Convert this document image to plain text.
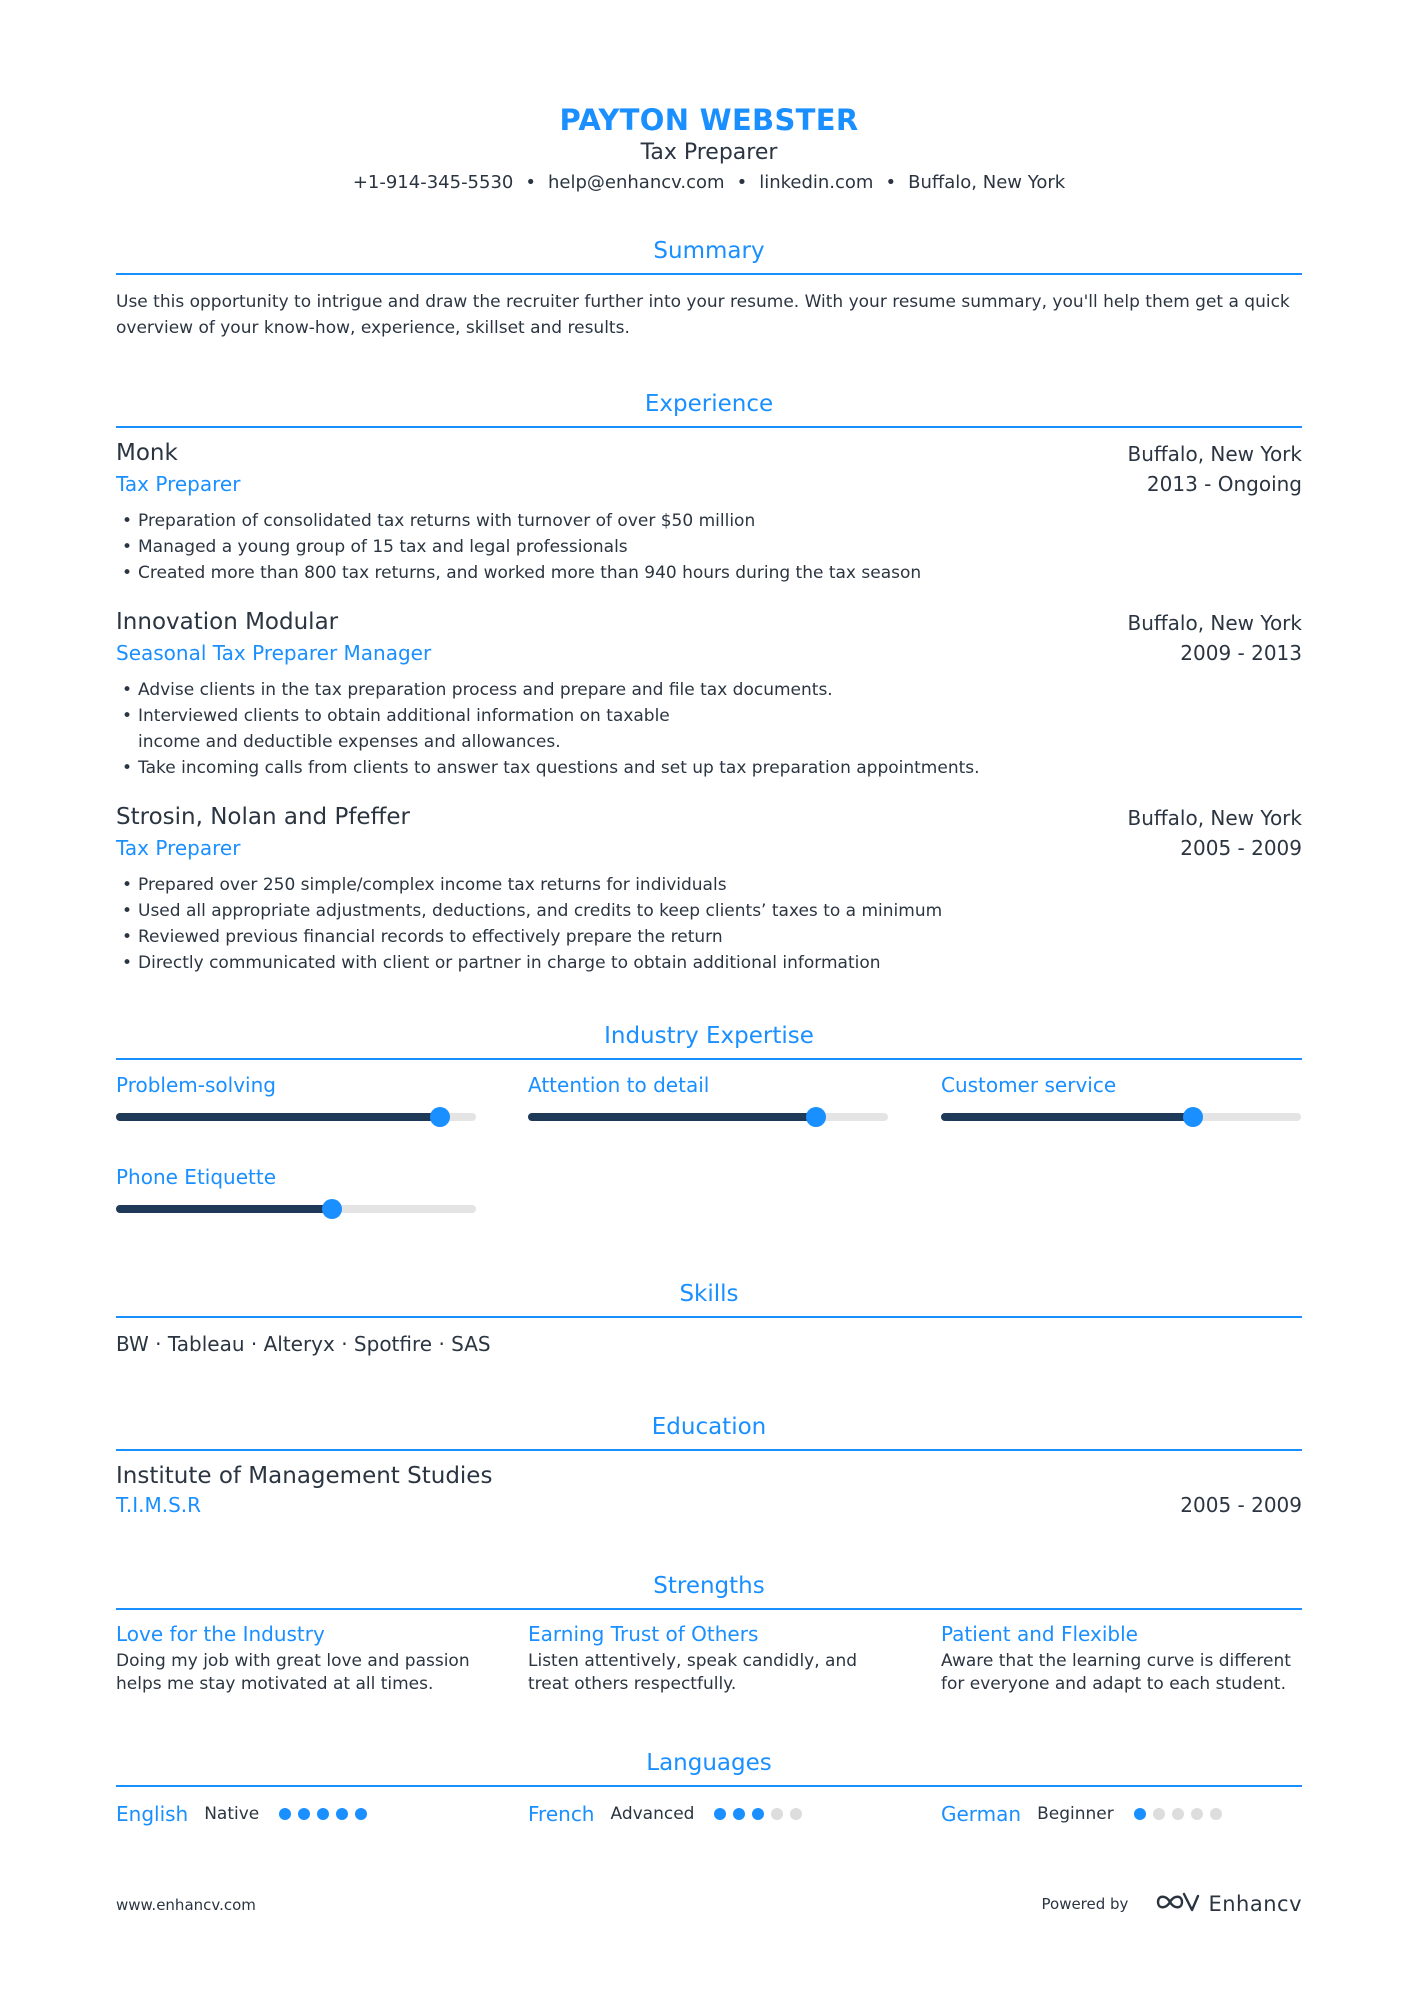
PAYTON WEBSTER
Tax Preparer
+1-914-345-5530 • help@enhancv.com • linkedin.com • Buffalo, New York
Summary
Use this opportunity to intrigue and draw the recruiter further into your resume. With your resume summary, you'll help them get a quick overview of your know-how, experience, skillset and results.
Experience
Monk	Buffalo, New York
Tax Preparer	2013 - Ongoing
• Preparation of consolidated tax returns with turnover of over $50 million
• Managed a young group of 15 tax and legal professionals
• Created more than 800 tax returns, and worked more than 940 hours during the tax season
Innovation Modular	Buffalo, New York
Seasonal Tax Preparer Manager	2009 - 2013
• Advise clients in the tax preparation process and prepare and file tax documents.
• Interviewed clients to obtain additional information on taxable income and deductible expenses and allowances.
• Take incoming calls from clients to answer tax questions and set up tax preparation appointments.
Strosin, Nolan and Pfeffer	Buffalo, New York
Tax Preparer	2005 - 2009
• Prepared over 250 simple/complex income tax returns for individuals
• Used all appropriate adjustments, deductions, and credits to keep clients’ taxes to a minimum
• Reviewed previous financial records to effectively prepare the return
• Directly communicated with client or partner in charge to obtain additional information
Industry Expertise
Problem-solving	Attention to detail	Customer service
Phone Etiquette
Skills
BW · Tableau · Alteryx · Spotfire · SAS
Education
Institute of Management Studies
T.I.M.S.R	2005 - 2009
Strengths
Love for the Industry
Doing my job with great love and passion helps me stay motivated at all times.
Earning Trust of Others
Listen attentively, speak candidly, and treat others respectfully.
Patient and Flexible
Aware that the learning curve is different for everyone and adapt to each student.
Languages
English Native	French Advanced	German Beginner
www.enhancv.com	Powered by	Enhancv
